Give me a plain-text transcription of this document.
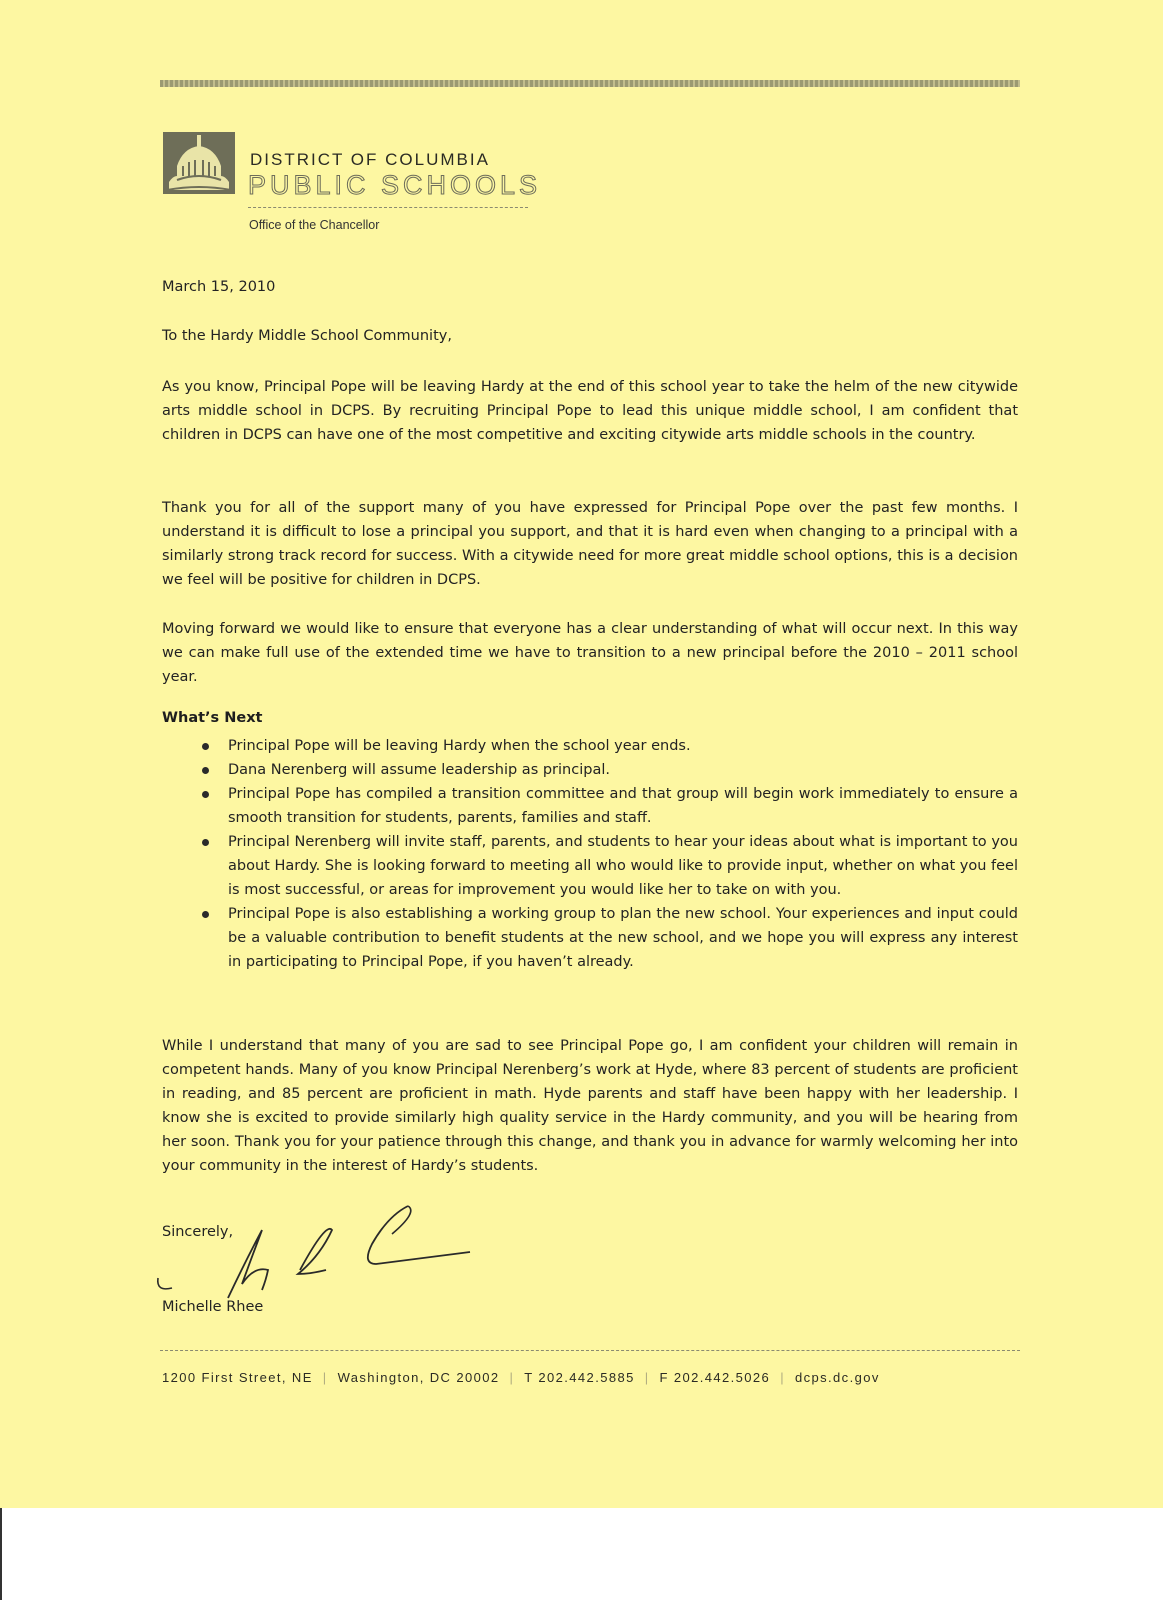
DISTRICT OF COLUMBIA
PUBLIC SCHOOLS
Office of the Chancellor
March 15, 2010
To the Hardy Middle School Community,
As you know, Principal Pope will be leaving Hardy at the end of this school year to take the helm of the new citywide arts middle school in DCPS. By recruiting Principal Pope to lead this unique middle school, I am confident that children in DCPS can have one of the most competitive and exciting citywide arts middle schools in the country.
Thank you for all of the support many of you have expressed for Principal Pope over the past few months. I understand it is difficult to lose a principal you support, and that it is hard even when changing to a principal with a similarly strong track record for success. With a citywide need for more great middle school options, this is a decision we feel will be positive for children in DCPS.
Moving forward we would like to ensure that everyone has a clear understanding of what will occur next. In this way we can make full use of the extended time we have to transition to a new principal before the 2010 – 2011 school year.
What’s Next
Principal Pope will be leaving Hardy when the school year ends.
Dana Nerenberg will assume leadership as principal.
Principal Pope has compiled a transition committee and that group will begin work immediately to ensure a smooth transition for students, parents, families and staff.
Principal Nerenberg will invite staff, parents, and students to hear your ideas about what is important to you about Hardy. She is looking forward to meeting all who would like to provide input, whether on what you feel is most successful, or areas for improvement you would like her to take on with you.
Principal Pope is also establishing a working group to plan the new school. Your experiences and input could be a valuable contribution to benefit students at the new school, and we hope you will express any interest in participating to Principal Pope, if you haven’t already.
While I understand that many of you are sad to see Principal Pope go, I am confident your children will remain in competent hands. Many of you know Principal Nerenberg’s work at Hyde, where 83 percent of students are proficient in reading, and 85 percent are proficient in math. Hyde parents and staff have been happy with her leadership. I know she is excited to provide similarly high quality service in the Hardy community, and you will be hearing from her soon. Thank you for your patience through this change, and thank you in advance for warmly welcoming her into your community in the interest of Hardy’s students.
Sincerely,
Michelle Rhee
1200 First Street, NE | Washington, DC 20002 | T 202.442.5885 | F 202.442.5026 | dcps.dc.gov
